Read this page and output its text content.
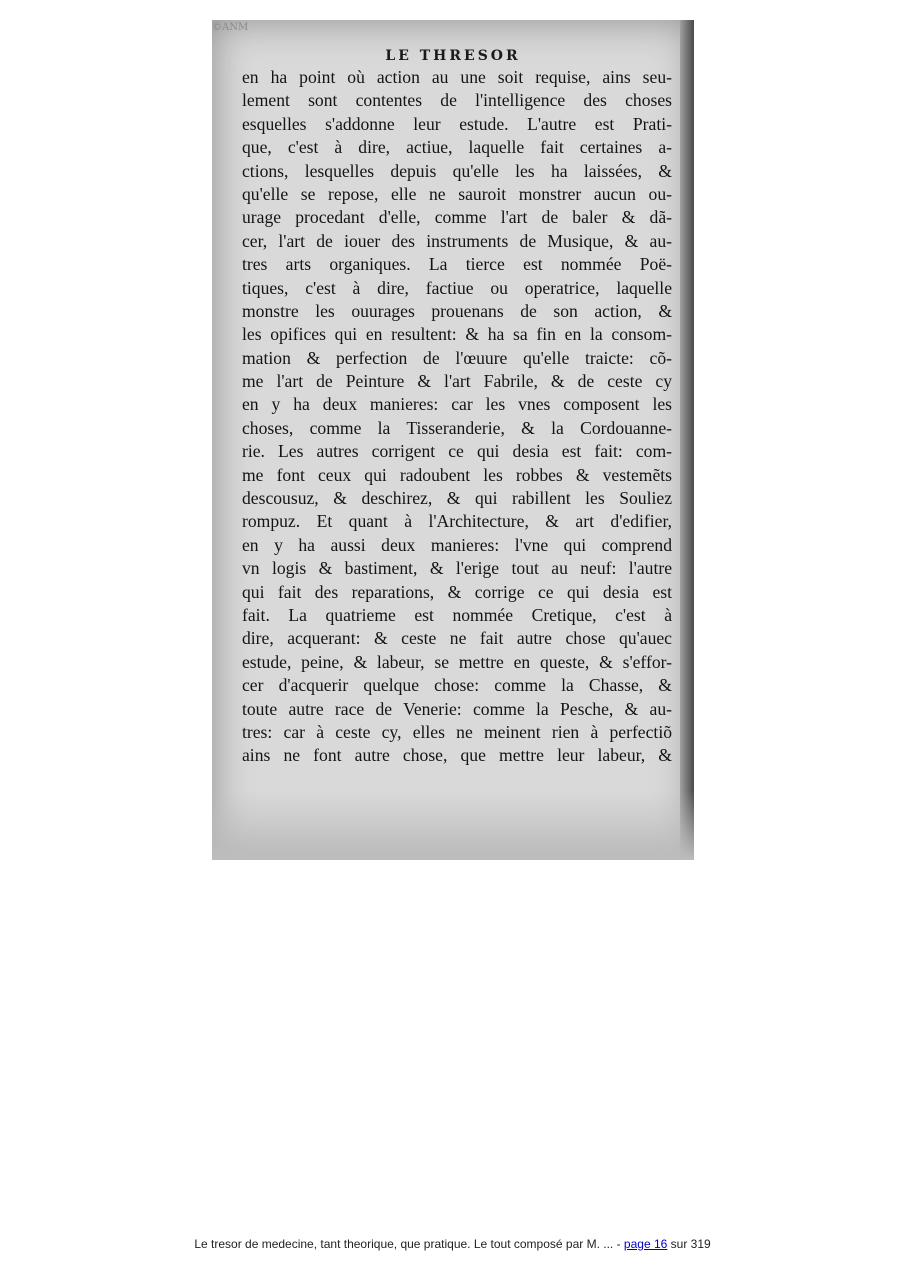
©ANM
LE THRESOR
en ha point où action au une soit requise, ains seu-
lement sont contentes de l'intelligence des choses
esquelles s'addonne leur estude. L'autre est Prati-
que, c'est à dire, actiue, laquelle fait certaines a-
ctions, lesquelles depuis qu'elle les ha laissées, &
qu'elle se repose, elle ne sauroit monstrer aucun ou-
urage procedant d'elle, comme l'art de baler & dã-
cer, l'art de iouer des instruments de Musique, & au-
tres arts organiques. La tierce est nommée Poë-
tiques, c'est à dire, factiue ou operatrice, laquelle
monstre les ouurages prouenans de son action, &
les opifices qui en resultent: & ha sa fin en la consom-
mation & perfection de l'œuure qu'elle traicte: cõ-
me l'art de Peinture & l'art Fabrile, & de ceste cy
en y ha deux manieres: car les vnes composent les
choses, comme la Tisseranderie, & la Cordouanne-
rie. Les autres corrigent ce qui desia est fait: com-
me font ceux qui radoubent les robbes & vestemẽts
descousuz, & deschirez, & qui rabillent les Souliez
rompuz. Et quant à l'Architecture, & art d'edifier,
en y ha aussi deux manieres: l'vne qui comprend
vn logis & bastiment, & l'erige tout au neuf: l'autre
qui fait des reparations, & corrige ce qui desia est
fait. La quatrieme est nommée Cretique, c'est à
dire, acquerant: & ceste ne fait autre chose qu'auec
estude, peine, & labeur, se mettre en queste, & s'effor-
cer d'acquerir quelque chose: comme la Chasse, &
toute autre race de Venerie: comme la Pesche, & au-
tres: car à ceste cy, elles ne meinent rien à perfectiõ
ains ne font autre chose, que mettre leur labeur, &
Le tresor de medecine, tant theorique, que pratique. Le tout composé par M. ... - page 16 sur 319
